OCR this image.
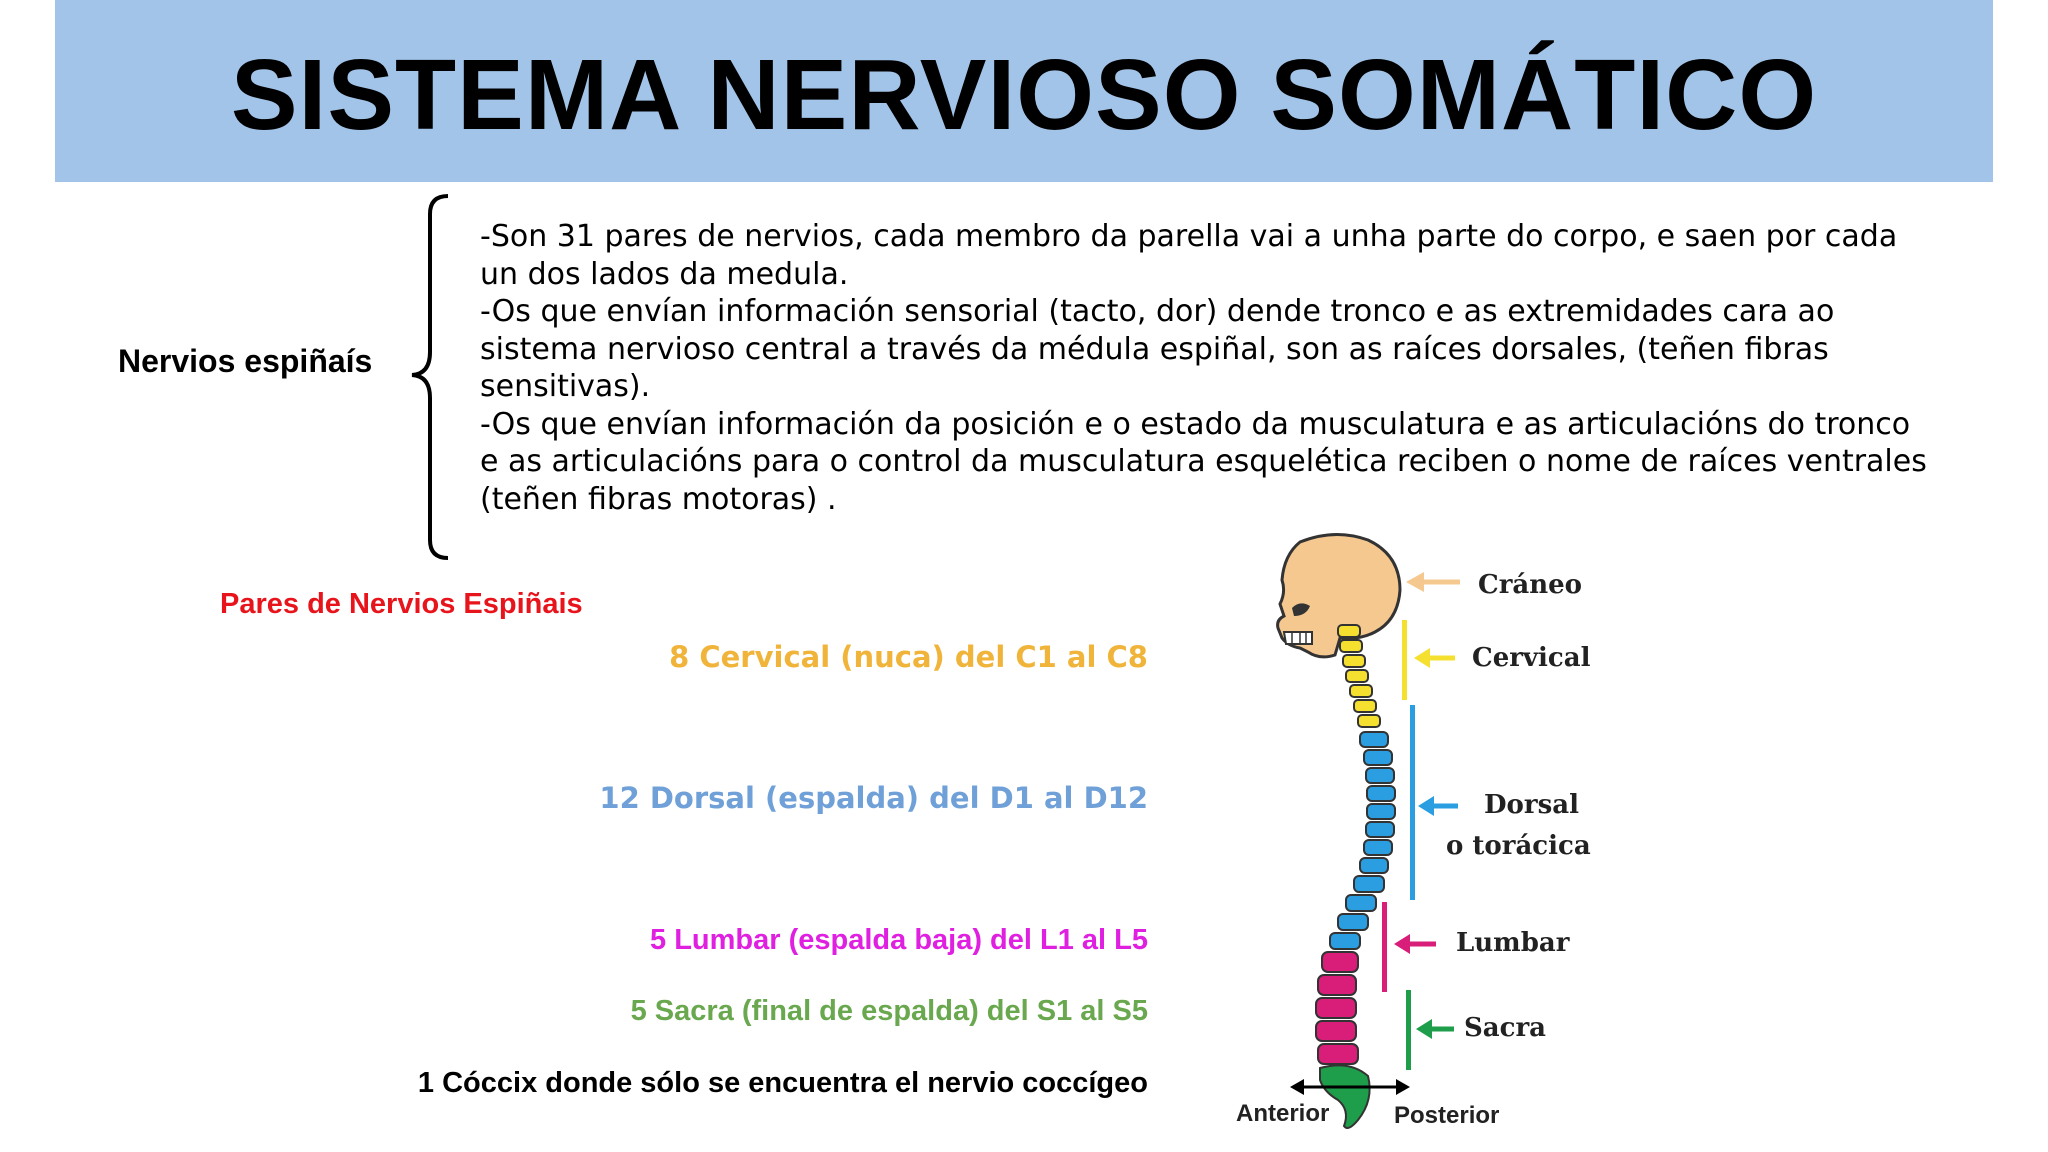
SISTEMA NERVIOSO SOMÁTICO
Nervios espiñaís

-Son 31 pares de nervios, cada membro da parella vai a unha parte do corpo, e saen por cada un dos lados da medula.

-Os que envían información sensorial (tacto, dor) dende tronco e as extremidades cara ao sistema nervioso central a través da médula espiñal, son as raíces dorsales, (teñen fibras sensitivas).

-Os que envían información da posición e o estado da musculatura e as articulacións do tronco e as articulacións para o control da musculatura esquelética reciben o nome de raíces ventrales (teñen fibras motoras) .

Pares de Nervios Espiñais
8 Cervical (nuca) del C1 al C8
12 Dorsal (espalda) del D1 al D12
5 Lumbar (espalda baja) del L1 al L5
5 Sacra (final de espalda) del S1 al S5
1 Cóccix donde sólo se encuentra el nervio coccígeo
Cráneo
Cervical
Dorsal
o torácica
Lumbar
Sacra
Anterior	Posterior
